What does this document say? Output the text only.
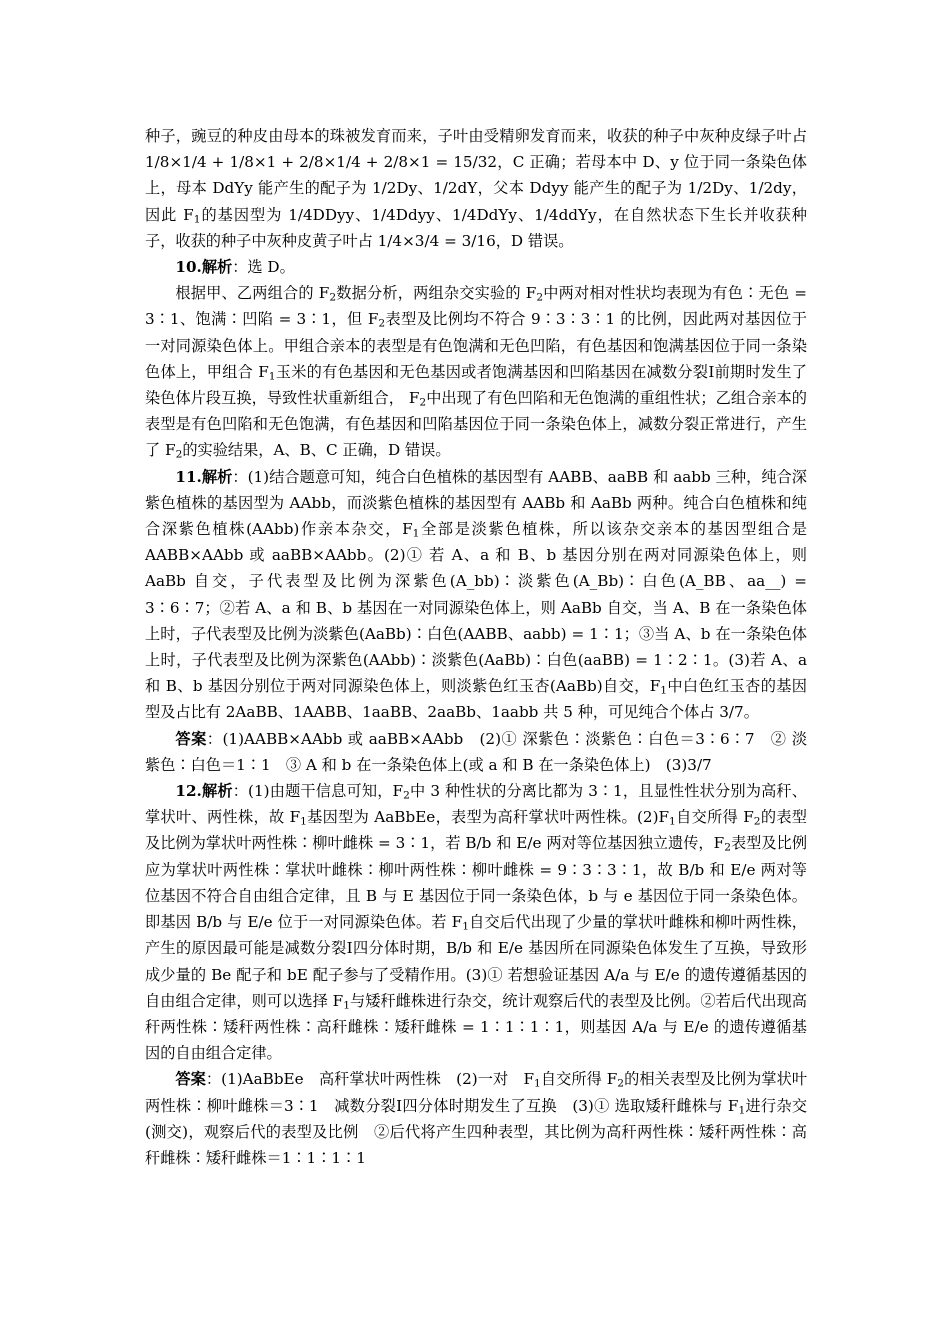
种子，豌豆的种皮由母本的珠被发育而来，子叶由受精卵发育而来，收获的种子中灰种皮绿子叶占 1/8×1/4 + 1/8×1 + 2/8×1/4 + 2/8×1 = 15/32，C 正确；若母本中 D、y 位于同一条染色体上，母本 DdYy 能产生的配子为 1/2Dy、1/2dY，父本 Ddyy 能产生的配子为 1/2Dy、1/2dy，因此 $F_1$的基因型为 1/4DDyy、1/4Ddyy、1/4DdYy、1/4ddYy，在自然状态下生长并收获种子，收获的种子中灰种皮黄子叶占 1/4×3/4 = 3/16，D 错误。

10.解析：选 D。

根据甲、乙两组合的 $F_2$数据分析，两组杂交实验的 $F_2$中两对相对性状均表现为有色∶无色 = 3∶1、饱满∶凹陷 = 3∶1，但 $F_2$表型及比例均不符合 9∶3∶3∶1 的比例，因此两对基因位于一对同源染色体上。甲组合亲本的表型是有色饱满和无色凹陷，有色基因和饱满基因位于同一条染色体上，甲组合 $F_1$玉米的有色基因和无色基因或者饱满基因和凹陷基因在减数分裂Ⅰ前期时发生了染色体片段互换，导致性状重新组合， $F_2$中出现了有色凹陷和无色饱满的重组性状；乙组合亲本的表型是有色凹陷和无色饱满，有色基因和凹陷基因位于同一条染色体上，减数分裂正常进行，产生了 $F_2$的实验结果，A、B、C 正确，D 错误。

11.解析：(1)结合题意可知，纯合白色植株的基因型有 AABB、aaBB 和 aabb 三种，纯合深紫色植株的基因型为 AAbb，而淡紫色植株的基因型有 AABb 和 AaBb 两种。纯合白色植株和纯合深紫色植株(AAbb)作亲本杂交，$F_1$全部是淡紫色植株，所以该杂交亲本的基因型组合是 AABB×AAbb 或 aaBB×AAbb。(2)① 若 A、a 和 B、b 基因分别在两对同源染色体上，则 AaBb 自交，子代表型及比例为深紫色(A_bb)∶淡紫色(A_Bb)∶白色(A_BB、aa__) = 3∶6∶7；②若 A、a 和 B、b 基因在一对同源染色体上，则 AaBb 自交，当 A、B 在一条染色体上时，子代表型及比例为淡紫色(AaBb)∶白色(AABB、aabb) = 1∶1；③当 A、b 在一条染色体上时，子代表型及比例为深紫色(AAbb)∶淡紫色(AaBb)∶白色(aaBB) = 1∶2∶1。(3)若 A、a 和 B、b 基因分别位于两对同源染色体上，则淡紫色红玉杏(AaBb)自交，$F_1$中白色红玉杏的基因型及占比有 2AaBB、1AABB、1aaBB、2aaBb、1aabb 共 5 种，可见纯合个体占 3/7。

答案：(1)AABB×AAbb 或 aaBB×AAbb　(2)① 深紫色∶淡紫色∶白色＝3∶6∶7　② 淡紫色∶白色＝1∶1　③ A 和 b 在一条染色体上(或 a 和 B 在一条染色体上)　(3)3/7

12.解析：(1)由题干信息可知，$F_2$中 3 种性状的分离比都为 3∶1，且显性性状分别为高秆、掌状叶、两性株，故 $F_1$基因型为 AaBbEe，表型为高秆掌状叶两性株。$(2)F_1$自交所得 $F_2$的表型及比例为掌状叶两性株∶柳叶雌株 = 3∶1，若 B/b 和 E/e 两对等位基因独立遗传，$F_2$表型及比例应为掌状叶两性株∶掌状叶雌株∶柳叶两性株∶柳叶雌株 = 9∶3∶3∶1，故 B/b 和 E/e 两对等位基因不符合自由组合定律，且 B 与 E 基因位于同一条染色体，b 与 e 基因位于同一条染色体。即基因 B/b 与 E/e 位于一对同源染色体。若 $F_1$自交后代出现了少量的掌状叶雌株和柳叶两性株，产生的原因最可能是减数分裂Ⅰ四分体时期，B/b 和 E/e 基因所在同源染色体发生了互换，导致形成少量的 Be 配子和 bE 配子参与了受精作用。(3)① 若想验证基因 A/a 与 E/e 的遗传遵循基因的自由组合定律，则可以选择 $F_1$与矮秆雌株进行杂交，统计观察后代的表型及比例。②若后代出现高秆两性株∶矮秆两性株∶高秆雌株∶矮秆雌株 = 1∶1∶1∶1，则基因 A/a 与 E/e 的遗传遵循基因的自由组合定律。

答案：(1)AaBbEe　高秆掌状叶两性株　(2)一对　$F_1$自交所得 $F_2$的相关表型及比例为掌状叶两性株∶柳叶雌株＝3∶1　减数分裂Ⅰ四分体时期发生了互换　(3)① 选取矮秆雌株与 $F_1$进行杂交(测交)，观察后代的表型及比例　②后代将产生四种表型，其比例为高秆两性株∶矮秆两性株∶高秆雌株∶矮秆雌株＝1∶1∶1∶1
